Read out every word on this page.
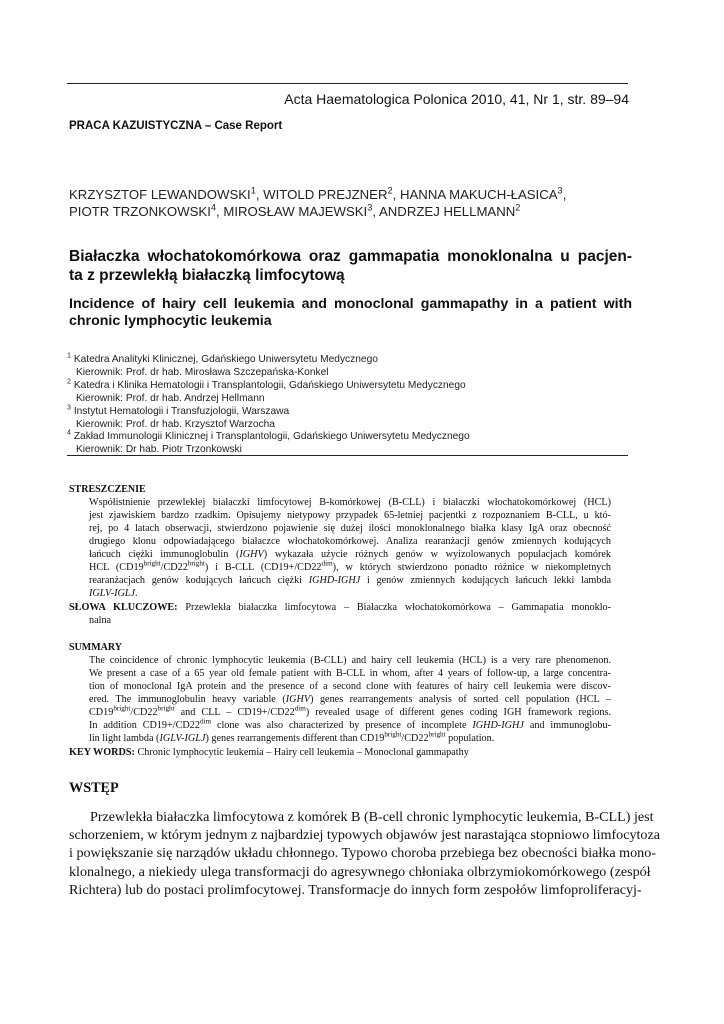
Acta Haematologica Polonica 2010, 41, Nr 1, str. 89–94
PRACA KAZUISTYCZNA – Case Report
KRZYSZTOF LEWANDOWSKI$^1$, WITOLD PREJZNER$^2$, HANNA MAKUCH-ŁASICA$^3$,
PIOTR TRZONKOWSKI$^4$, MIROSŁAW MAJEWSKI$^3$, ANDRZEJ HELLMANN$^2$
Białaczka włochatokomórkowa oraz gammapatia monoklonalna u pacjen-
ta z przewlekłą białaczką limfocytową
Incidence of hairy cell leukemia and monoclonal gammapathy in a patient with
chronic lymphocytic leukemia
$^1$ Katedra Analityki Klinicznej, Gdańskiego Uniwersytetu Medycznego
Kierownik: Prof. dr hab. Mirosława Szczepańska-Konkel
$^2$ Katedra i Klinika Hematologii i Transplantologii, Gdańskiego Uniwersytetu Medycznego
Kierownik: Prof. dr hab. Andrzej Hellmann
$^3$ Instytut Hematologii i Transfuzjologii, Warszawa
Kierownik: Prof. dr hab. Krzysztof Warzocha
$^4$ Zakład Immunologii Klinicznej i Transplantologii, Gdańskiego Uniwersytetu Medycznego
Kierownik: Dr hab. Piotr Trzonkowski
STRESZCZENIE
Współistnienie przewlekłej białaczki limfocytowej B-komórkowej (B-CLL) i białaczki włochatokomórkowej (HCL)
jest zjawiskiem bardzo rzadkim. Opisujemy nietypowy przypadek 65-letniej pacjentki z rozpoznaniem B-CLL, u któ-
rej, po 4 latach obserwacji, stwierdzono pojawienie się dużej ilości monoklonalnego białka klasy IgA oraz obecność
drugiego klonu odpowiadającego białaczce włochatokomórkowej. Analiza rearanżacji genów zmiennych kodujących
łańcuch ciężki immunoglobulin (IGHV) wykazała użycie różnych genów w wyizolowanych populacjach komórek
HCL $(CD19^{bright}/CD22^{bright})$ i B-CLL $(CD19+/CD22^{dim})$, w których stwierdzono ponadto różnice w niekompletnych
rearanżacjach genów kodujących łańcuch ciężki IGHD-IGHJ i genów zmiennych kodujących łańcuch lekki lambda
IGLV-IGLJ.
SŁOWA KLUCZOWE: Przewlekła białaczka limfocytowa – Białaczka włochatokomórkowa – Gammapatia monoklo-
nalna
SUMMARY
The coincidence of chronic lymphocytic leukemia (B-CLL) and hairy cell leukemia (HCL) is a very rare phenomenon.
We present a case of a 65 year old female patient with B-CLL in whom, after 4 years of follow-up, a large concentra-
tion of monoclonal IgA protein and the presence of a second clone with features of hairy cell leukemia were discov-
ered. The immunoglobulin heavy variable (IGHV) genes rearrangements analysis of sorted cell population (HCL –
$CD19^{bright}/CD22^{bright}$ and CLL – $CD19+/CD22^{dim}$) revealed usage of different genes coding IGH framework regions.
In addition $CD19+/CD22^{dim}$ clone was also characterized by presence of incomplete IGHD-IGHJ and immunoglobu-
lin light lambda (IGLV-IGLJ) genes rearrangements different than $CD19^{bright}/CD22^{bright}$ population.
KEY WORDS: Chronic lymphocytic leukemia – Hairy cell leukemia – Monoclonal gammapathy
WSTĘP
Przewlekła białaczka limfocytowa z komórek B (B-cell chronic lymphocytic leukemia, B-CLL) jest
schorzeniem, w którym jednym z najbardziej typowych objawów jest narastająca stopniowo limfocytoza
i powiększanie się narządów układu chłonnego. Typowo choroba przebiega bez obecności białka mono-
klonalnego, a niekiedy ulega transformacji do agresywnego chłoniaka olbrzymiokomórkowego (zespół
Richtera) lub do postaci prolimfocytowej. Transformacje do innych form zespołów limfoproliferacyj-
